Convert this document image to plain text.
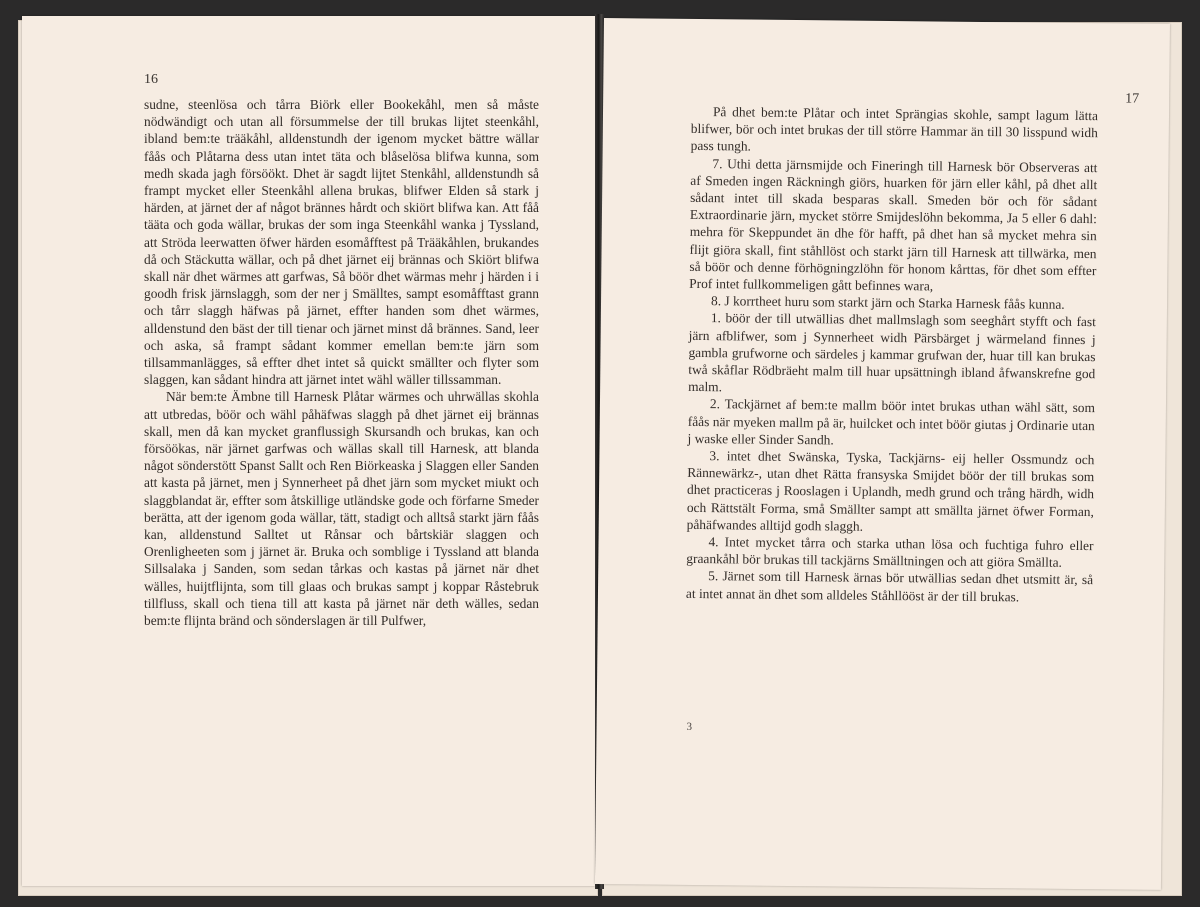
16

sudne, steenlösa och tårra Biörk eller Bookekåhl, men så måste nödwändigt och utan all försummelse der till brukas lijtet steenkåhl, ibland bem:te trääkåhl, alldenstundh der igenom mycket bättre wällar fåås och Plåtarna dess utan intet täta och blåselösa blifwa kunna, som medh skada jagh försöökt. Dhet är sagdt lijtet Stenkåhl, alldenstundh så frampt mycket eller Steenkåhl allena brukas, blifwer Elden så stark j härden, at järnet der af något brännes hårdt och skiört blifwa kan. Att fåå tääta och goda wällar, brukas der som inga Steenkåhl wanka j Tyssland, att Ströda leerwatten öfwer härden esomåfftest på Trääkåhlen, brukandes då och Stäckutta wällar, och på dhet järnet eij brännas och Skiört blifwa skall när dhet wärmes att garfwas, Så böör dhet wärmas mehr j härden i i goodh frisk järnslaggh, som der ner j Smälltes, sampt esomåfftast grann och tårr slaggh häfwas på järnet, effter handen som dhet wärmes, alldenstund den bäst der till tienar och järnet minst då brännes. Sand, leer och aska, så frampt sådant kommer emellan bem:te järn som tillsammanlägges, så effter dhet intet så quickt smällter och flyter som slaggen, kan sådant hindra att järnet intet wähl wäller tillssamman.

När bem:te Ämbne till Harnesk Plåtar wärmes och uhrwällas skohla att utbredas, böör och wähl påhäfwas slaggh på dhet järnet eij brännas skall, men då kan mycket granflussigh Skursandh och brukas, kan och försöökas, när järnet garfwas och wällas skall till Harnesk, att blanda något sönderstött Spanst Sallt och Ren Biörkeaska j Slaggen eller Sanden att kasta på järnet, men j Synnerheet på dhet järn som mycket miukt och slaggblandat är, effter som åtskillige utländske gode och förfarne Smeder berätta, att der igenom goda wällar, tätt, stadigt och alltså starkt järn fåås kan, alldenstund Salltet ut Rånsar och bårtskiär slaggen och Orenligheeten som j järnet är. Bruka och somblige i Tyssland att blanda Sillsalaka j Sanden, som sedan tårkas och kastas på järnet när dhet wälles, huijtflijnta, som till glaas och brukas sampt j koppar Råstebruk tillfluss, skall och tiena till att kasta på järnet när deth wälles, sedan bem:te flijnta bränd och sönderslagen är till Pulfwer,

17

På dhet bem:te Plåtar och intet Sprängias skohle, sampt lagum lätta blifwer, bör och intet brukas der till större Hammar än till 30 lisspund widh pass tungh.

7. Uthi detta järnsmijde och Fineringh till Harnesk bör Observeras att af Smeden ingen Räckningh giörs, huarken för järn eller kåhl, på dhet allt sådant intet till skada besparas skall. Smeden bör och för sådant Extraordinarie järn, mycket större Smijdeslöhn bekomma, Ja 5 eller 6 dahl: mehra för Skeppundet än dhe för hafft, på dhet han så mycket mehra sin flijt giöra skall, fint ståhllöst och starkt järn till Harnesk att tillwärka, men så böör och denne förhögningzlöhn för honom kårttas, för dhet som effter Prof intet fullkommeligen gått befinnes wara,

8. J korrtheet huru som starkt järn och Starka Harnesk fåås kunna.

1. böör der till utwällias dhet mallmslagh som seeghårt styfft och fast järn afblifwer, som j Synnerheet widh Pärsbärget j wärmeland finnes j gambla grufworne och särdeles j kammar grufwan der, huar till kan brukas twå skåflar Rödbräeht malm till huar upsättningh ibland åfwanskrefne god malm.

2. Tackjärnet af bem:te mallm böör intet brukas uthan wähl sätt, som fåås när myeken mallm på är, huilcket och intet böör giutas j Ordinarie utan j waske eller Sinder Sandh.

3. intet dhet Swänska, Tyska, Tackjärns- eij heller Ossmundz och Rännewärkz-, utan dhet Rätta fransyska Smijdet böör der till brukas som dhet practiceras j Rooslagen i Uplandh, medh grund och trång härdh, widh och Rättstält Forma, små Smällter sampt att smällta järnet öfwer Forman, påhäfwandes alltijd godh slaggh.

4. Intet mycket tårra och starka uthan lösa och fuchtiga fuhro eller graankåhl bör brukas till tackjärns Smälltningen och att giöra Smällta.

5. Järnet som till Harnesk ärnas bör utwällias sedan dhet utsmitt är, så at intet annat än dhet som alldeles Ståhllööst är der till brukas.

3
